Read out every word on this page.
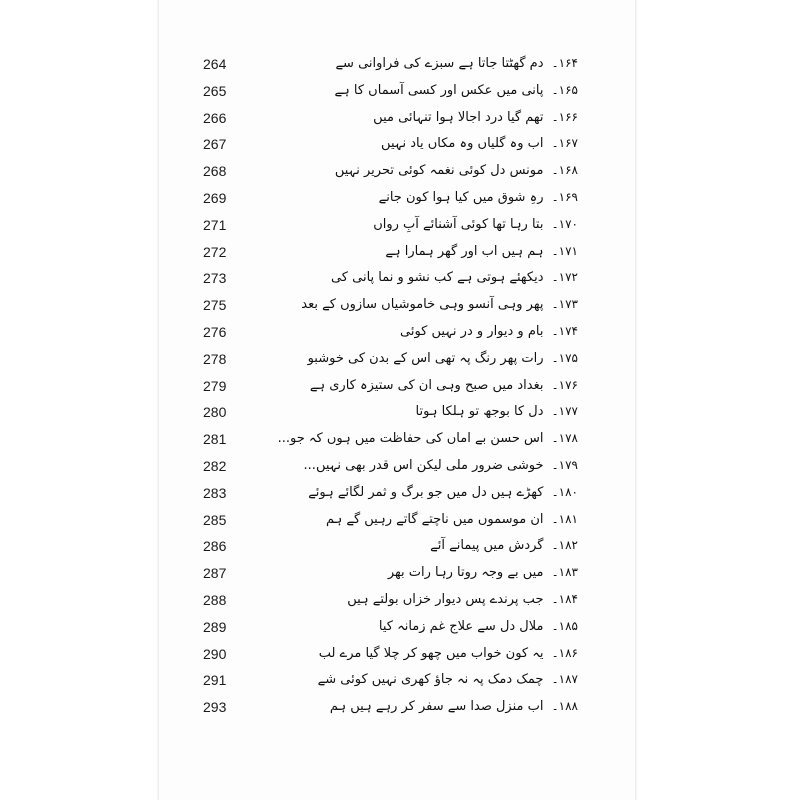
264	۱۶۴۔ دم گھٹتا جاتا ہے سبزے کی فراوانی سے
265	۱۶۵۔ پانی میں عکس اور کسی آسماں کا ہے
266	۱۶۶۔ تھم گیا درد اجالا ہوا تنہائی میں
267	۱۶۷۔ اب وہ گلیاں وہ مکاں یاد نہیں
268	۱۶۸۔ مونس دل کوئی نغمہ کوئی تحریر نہیں
269	۱۶۹۔ رہِ شوق میں کیا ہوا کون جانے
271	۱۷۰۔ بتا رہا تھا کوئی آشنائے آبِ رواں
272	۱۷۱۔ ہم ہیں اب اور گھر ہمارا ہے
273	۱۷۲۔ دیکھئے ہوتی ہے کب نشو و نما پانی کی
275	۱۷۳۔ پھر وہی آنسو وہی خاموشیاں سازوں کے بعد
276	۱۷۴۔ بام و دیوار و در نہیں کوئی
278	۱۷۵۔ رات پھر رنگ پہ تھی اس کے بدن کی خوشبو
279	۱۷۶۔ بغداد میں صبح وہی ان کی ستیزہ کاری ہے
280	۱۷۷۔ دل کا بوجھ تو ہلکا ہوتا
281	۱۷۸۔ اس حسن بے اماں کی حفاظت میں ہوں کہ جو...
282	۱۷۹۔ خوشی ضرور ملی لیکن اس قدر بھی نہیں...
283	۱۸۰۔ کھڑے ہیں دل میں جو برگ و ثمر لگائے ہوئے
285	۱۸۱۔ ان موسموں میں ناچتے گاتے رہیں گے ہم
286	۱۸۲۔ گردش میں پیمانے آئے
287	۱۸۳۔ میں بے وجہ روتا رہا رات بھر
288	۱۸۴۔ جب پرندے پس دیوار خزاں بولتے ہیں
289	۱۸۵۔ ملال دل سے علاج غم زمانہ کیا
290	۱۸۶۔ یہ کون خواب میں چھو کر چلا گیا مرے لب
291	۱۸۷۔ چمک دمک پہ نہ جاؤ کھری نہیں کوئی شے
293	۱۸۸۔ اب منزل صدا سے سفر کر رہے ہیں ہم
